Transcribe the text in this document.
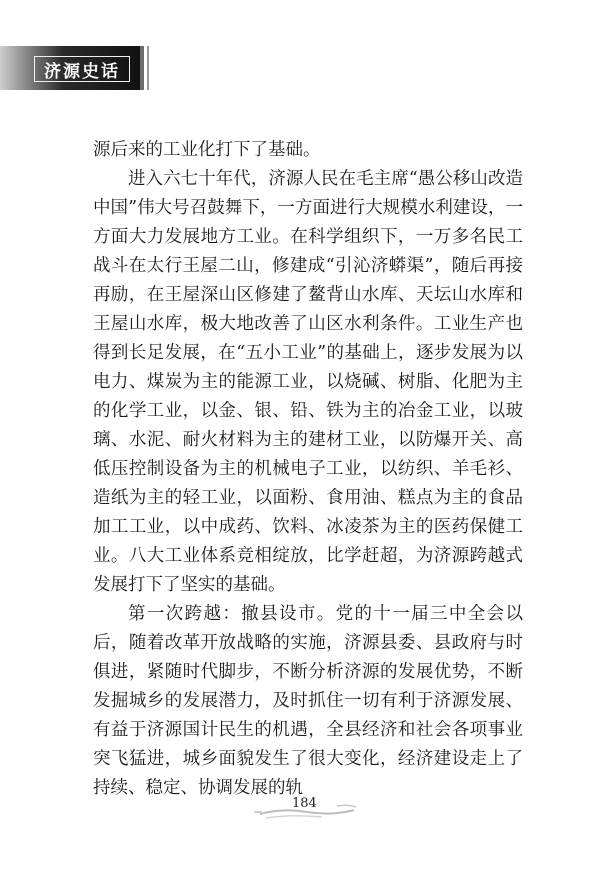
济源史话

源后来的工业化打下了基础。

进入六七十年代，济源人民在毛主席“愚公移山改造中国”伟大号召鼓舞下，一方面进行大规模水利建设，一方面大力发展地方工业。在科学组织下，一万多名民工战斗在太行王屋二山，修建成“引沁济蟒渠”，随后再接再励，在王屋深山区修建了鳌背山水库、天坛山水库和王屋山水库，极大地改善了山区水利条件。工业生产也得到长足发展，在“五小工业”的基础上，逐步发展为以电力、煤炭为主的能源工业，以烧碱、树脂、化肥为主的化学工业，以金、银、铅、铁为主的冶金工业，以玻璃、水泥、耐火材料为主的建材工业，以防爆开关、高低压控制设备为主的机械电子工业，以纺织、羊毛衫、造纸为主的轻工业，以面粉、食用油、糕点为主的食品加工工业，以中成药、饮料、冰凌茶为主的医药保健工业。八大工业体系竞相绽放，比学赶超，为济源跨越式发展打下了坚实的基础。

第一次跨越：撤县设市。党的十一届三中全会以后，随着改革开放战略的实施，济源县委、县政府与时俱进，紧随时代脚步，不断分析济源的发展优势，不断发掘城乡的发展潜力，及时抓住一切有利于济源发展、有益于济源国计民生的机遇，全县经济和社会各项事业突飞猛进，城乡面貌发生了很大变化，经济建设走上了持续、稳定、协调发展的轨

184
